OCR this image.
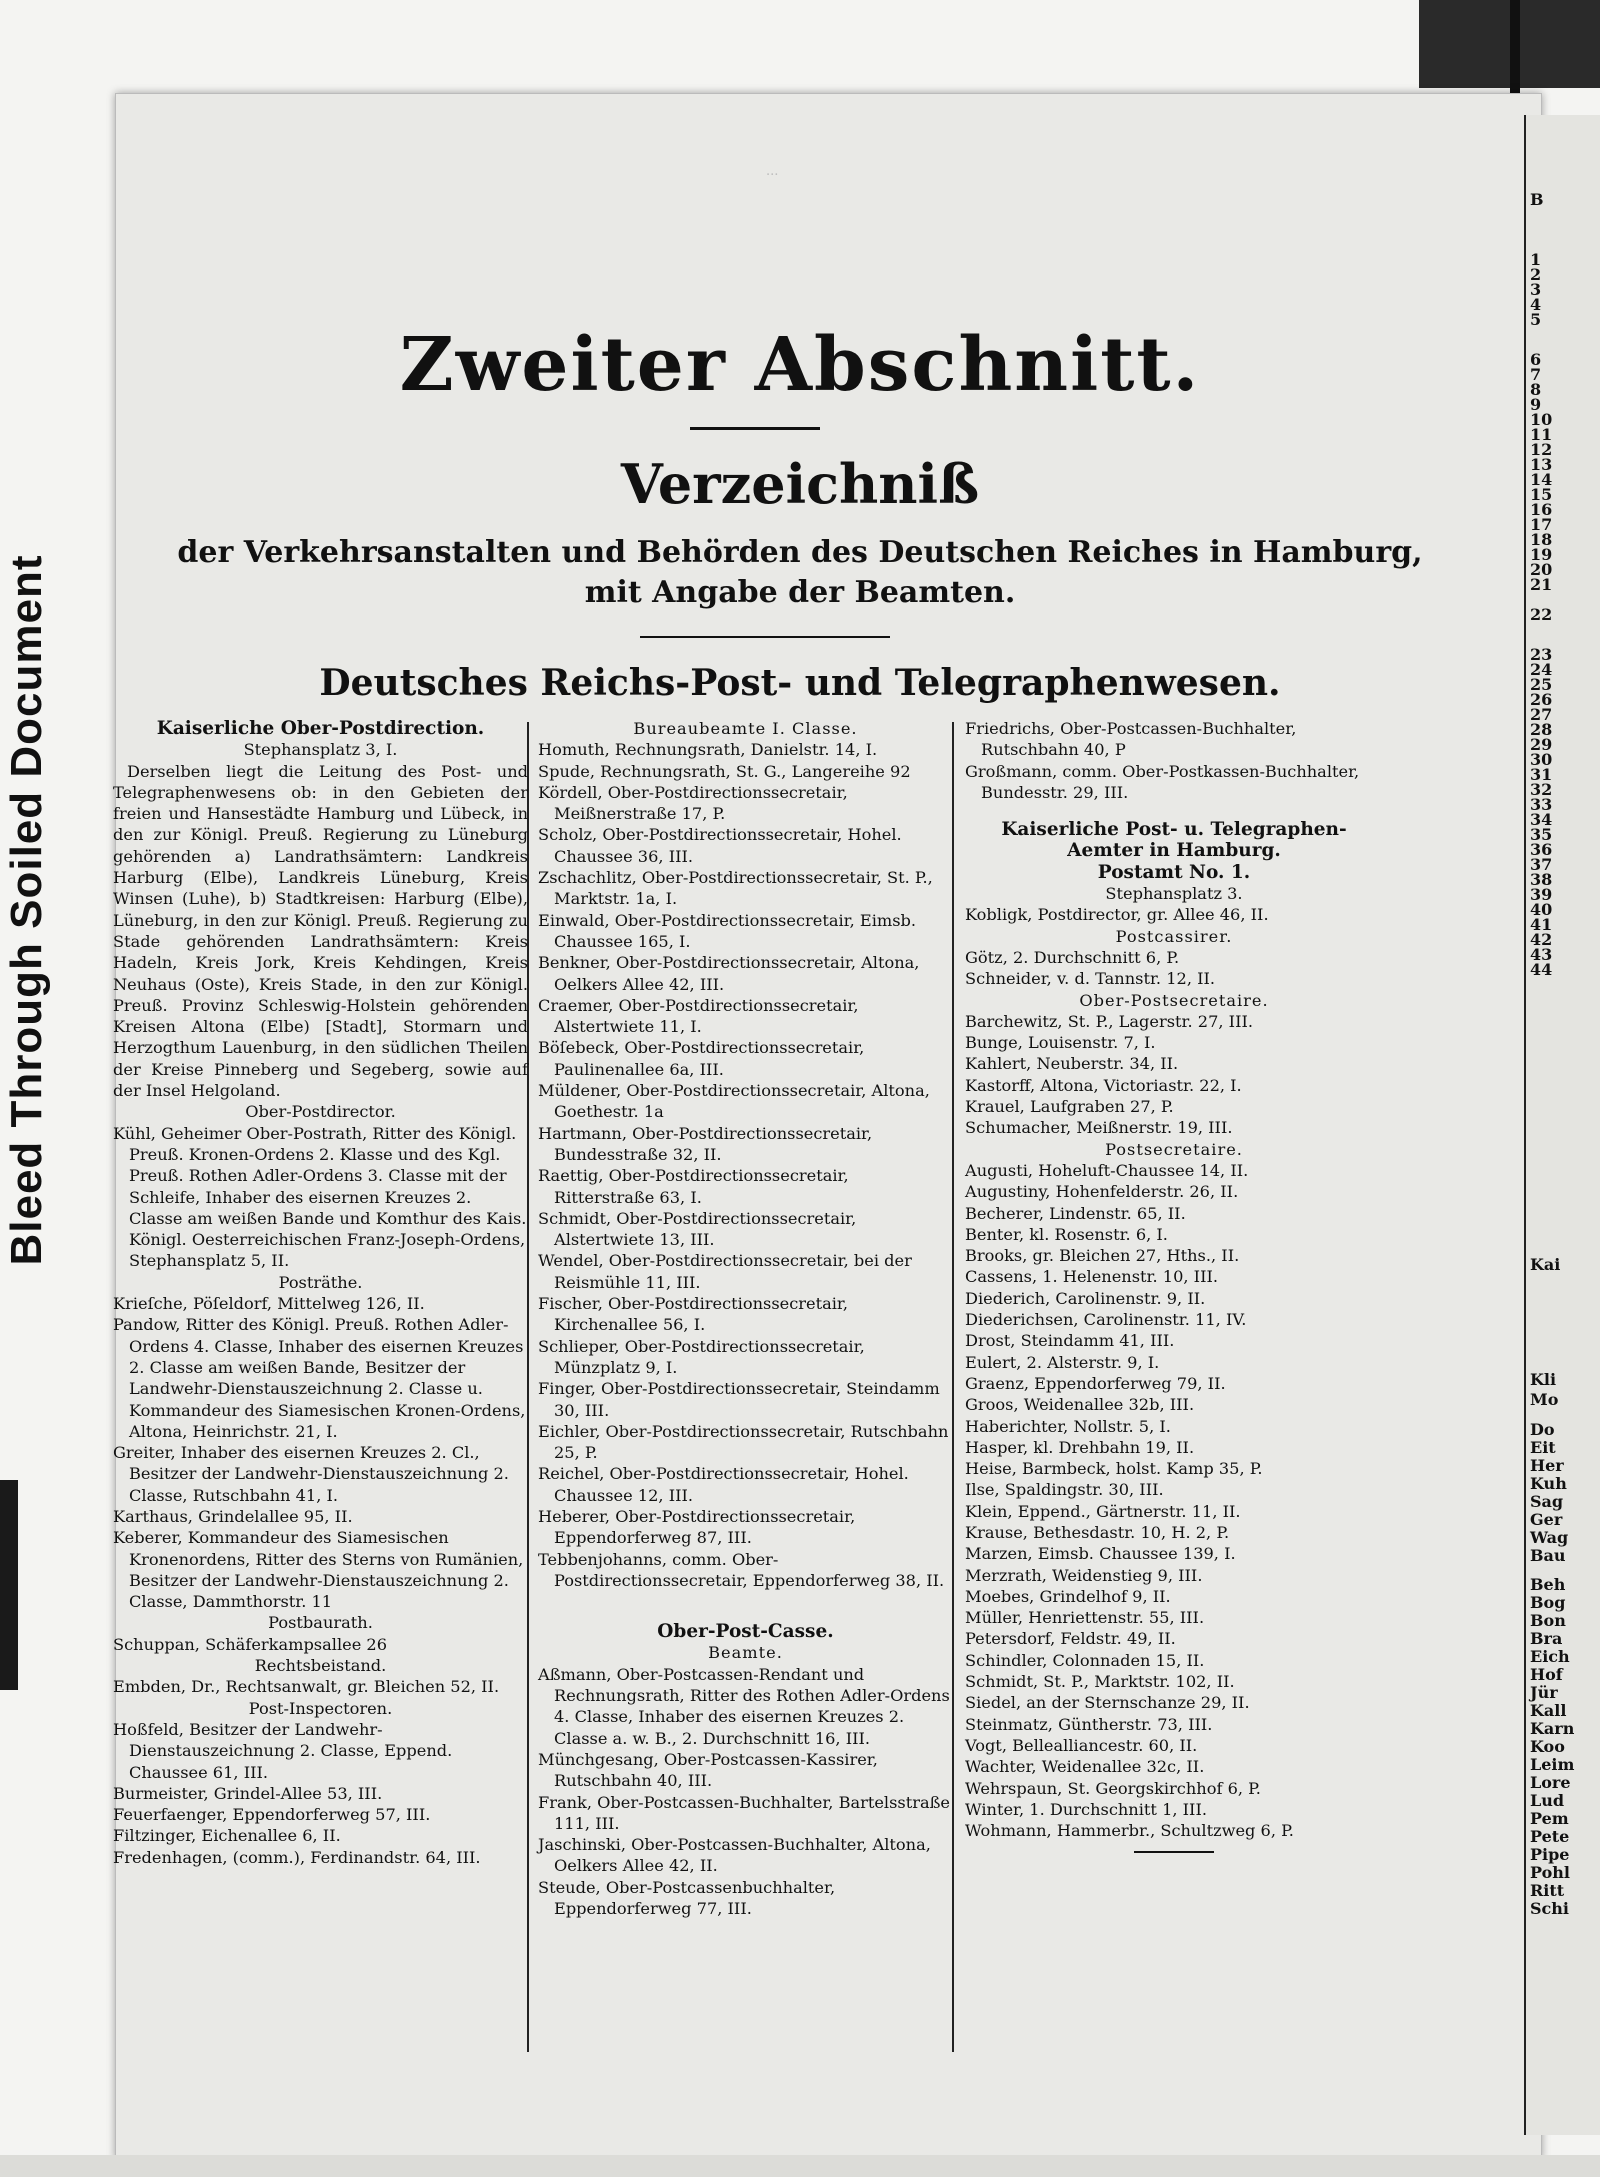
Bleed Through Soiled Document
...
Zweiter Abschnitt.
Verzeichniß
der Verkehrsanstalten und Behörden des Deutschen Reiches in Hamburg,
mit Angabe der Beamten.
Deutsches Reichs-Post- und Telegraphenwesen.
Kaiserliche Ober-Postdirection.
Stephansplatz 3, I.
Derselben liegt die Leitung des Post- und Telegraphenwesens ob: in den Gebieten der freien und Hansestädte Hamburg und Lübeck, in den zur Königl. Preuß. Regierung zu Lüneburg gehörenden a) Landrathsämtern: Landkreis Harburg (Elbe), Landkreis Lüneburg, Kreis Winsen (Luhe), b) Stadtkreisen: Harburg (Elbe), Lüneburg, in den zur Königl. Preuß. Regierung zu Stade gehörenden Landrathsämtern: Kreis Hadeln, Kreis Jork, Kreis Kehdingen, Kreis Neuhaus (Oste), Kreis Stade, in den zur Königl. Preuß. Provinz Schleswig-Holstein gehörenden Kreisen Altona (Elbe) [Stadt], Stormarn und Herzogthum Lauenburg, in den südlichen Theilen der Kreise Pinneberg und Segeberg, sowie auf der Insel Helgoland.
Ober-Postdirector.
Kühl, Geheimer Ober-Postrath, Ritter des Königl. Preuß. Kronen-Ordens 2. Klasse und des Kgl. Preuß. Rothen Adler-Ordens 3. Classe mit der Schleife, Inhaber des eisernen Kreuzes 2. Classe am weißen Bande und Komthur des Kais. Königl. Oesterreichischen Franz-Joseph-Ordens, Stephansplatz 5, II.
Posträthe.
Krieſche, Pöſeldorf, Mittelweg 126, II.
Pandow, Ritter des Königl. Preuß. Rothen Adler-Ordens 4. Classe, Inhaber des eisernen Kreuzes 2. Classe am weißen Bande, Besitzer der Landwehr-Dienstauszeichnung 2. Classe u. Kommandeur des Siamesischen Kronen-Ordens, Altona, Heinrichstr. 21, I.
Greiter, Inhaber des eisernen Kreuzes 2. Cl., Besitzer der Landwehr-Dienstauszeichnung 2. Classe, Rutschbahn 41, I.
Karthaus, Grindelallee 95, II.
Keberer, Kommandeur des Siamesischen Kronenordens, Ritter des Sterns von Rumänien, Besitzer der Landwehr-Dienstauszeichnung 2. Classe, Dammthorstr. 11
Postbaurath.
Schuppan, Schäferkampsallee 26
Rechtsbeistand.
Embden, Dr., Rechtsanwalt, gr. Bleichen 52, II.
Post-Inspectoren.
Hoßfeld, Besitzer der Landwehr-Dienstauszeichnung 2. Classe, Eppend. Chaussee 61, III.
Burmeister, Grindel-Allee 53, III.
Feuerfaenger, Eppendorferweg 57, III.
Filtzinger, Eichenallee 6, II.
Fredenhagen, (comm.), Ferdinandstr. 64, III.
Bureaubeamte I. Classe.
Homuth, Rechnungsrath, Danielstr. 14, I.
Spude, Rechnungsrath, St. G., Langereihe 92
Kördell, Ober-Postdirectionssecretair, Meißnerstraße 17, P.
Scholz, Ober-Postdirectionssecretair, Hohel. Chaussee 36, III.
Zschachlitz, Ober-Postdirectionssecretair, St. P., Marktstr. 1a, I.
Einwald, Ober-Postdirectionssecretair, Eimsb. Chaussee 165, I.
Benkner, Ober-Postdirectionssecretair, Altona, Oelkers Allee 42, III.
Craemer, Ober-Postdirectionssecretair, Alstertwiete 11, I.
Böſebeck, Ober-Postdirectionssecretair, Paulinenallee 6a, III.
Müldener, Ober-Postdirectionssecretair, Altona, Goethestr. 1a
Hartmann, Ober-Postdirectionssecretair, Bundesstraße 32, II.
Raettig, Ober-Postdirectionssecretair, Ritterstraße 63, I.
Schmidt, Ober-Postdirectionssecretair, Alstertwiete 13, III.
Wendel, Ober-Postdirectionssecretair, bei der Reismühle 11, III.
Fischer, Ober-Postdirectionssecretair, Kirchenallee 56, I.
Schlieper, Ober-Postdirectionssecretair, Münzplatz 9, I.
Finger, Ober-Postdirectionssecretair, Steindamm 30, III.
Eichler, Ober-Postdirectionssecretair, Rutschbahn 25, P.
Reichel, Ober-Postdirectionssecretair, Hohel. Chaussee 12, III.
Heberer, Ober-Postdirectionssecretair, Eppendorferweg 87, III.
Tebbenjohanns, comm. Ober-Postdirectionssecretair, Eppendorferweg 38, II.
Ober-Post-Casse.
Beamte.
Aßmann, Ober-Postcassen-Rendant und Rechnungsrath, Ritter des Rothen Adler-Ordens 4. Classe, Inhaber des eisernen Kreuzes 2. Classe a. w. B., 2. Durchschnitt 16, III.
Münchgesang, Ober-Postcassen-Kassirer, Rutschbahn 40, III.
Frank, Ober-Postcassen-Buchhalter, Bartelsstraße 111, III.
Jaschinski, Ober-Postcassen-Buchhalter, Altona, Oelkers Allee 42, II.
Steude, Ober-Postcassenbuchhalter, Eppendorferweg 77, III.
Friedrichs, Ober-Postcassen-Buchhalter, Rutschbahn 40, P
Großmann, comm. Ober-Postkassen-Buchhalter, Bundesstr. 29, III.
Kaiserliche Post- u. Telegraphen-Aemter in Hamburg.
Postamt No. 1.
Stephansplatz 3.
Kobligk, Postdirector, gr. Allee 46, II.
Postcassirer.
Götz, 2. Durchschnitt 6, P.
Schneider, v. d. Tannstr. 12, II.
Ober-Postsecretaire.
Barchewitz, St. P., Lagerstr. 27, III.
Bunge, Louisenstr. 7, I.
Kahlert, Neuberstr. 34, II.
Kastorff, Altona, Victoriastr. 22, I.
Krauel, Laufgraben 27, P.
Schumacher, Meißnerstr. 19, III.
Postsecretaire.
Augusti, Hoheluft-Chaussee 14, II.
Augustiny, Hohenfelderstr. 26, II.
Becherer, Lindenstr. 65, II.
Benter, kl. Rosenstr. 6, I.
Brooks, gr. Bleichen 27, Hths., II.
Cassens, 1. Helenenstr. 10, III.
Diederich, Carolinenstr. 9, II.
Diederichsen, Carolinenstr. 11, IV.
Drost, Steindamm 41, III.
Eulert, 2. Alsterstr. 9, I.
Graenz, Eppendorferweg 79, II.
Groos, Weidenallee 32b, III.
Haberichter, Nollstr. 5, I.
Hasper, kl. Drehbahn 19, II.
Heise, Barmbeck, holst. Kamp 35, P.
Ilse, Spaldingstr. 30, III.
Klein, Eppend., Gärtnerstr. 11, II.
Krause, Bethesdastr. 10, H. 2, P.
Marzen, Eimsb. Chaussee 139, I.
Merzrath, Weidenstieg 9, III.
Moebes, Grindelhof 9, II.
Müller, Henriettenstr. 55, III.
Petersdorf, Feldstr. 49, II.
Schindler, Colonnaden 15, II.
Schmidt, St. P., Marktstr. 102, II.
Siedel, an der Sternschanze 29, II.
Steinmatz, Güntherstr. 73, III.
Vogt, Bellealliancestr. 60, II.
Wachter, Weidenallee 32c, II.
Wehrspaun, St. Georgskirchhof 6, P.
Winter, 1. Durchschnitt 1, III.
Wohmann, Hammerbr., Schultzweg 6, P.
B
1
2
3
4
5
6
7
8
9
10
11
12
13
14
15
16
17
18
19
20
21
22
23
24
25
26
27
28
29
30
31
32
33
34
35
36
37
38
39
40
41
42
43
44
Kai
Kli
Mo
Do
Eit
Her
Kuh
Sag
Ger
Wag
Bau
Beh
Bog
Bon
Bra
Eich
Hof
Jür
Kall
Karn
Koo
Leim
Lore
Lud
Pem
Pete
Pipe
Pohl
Ritt
Schi
